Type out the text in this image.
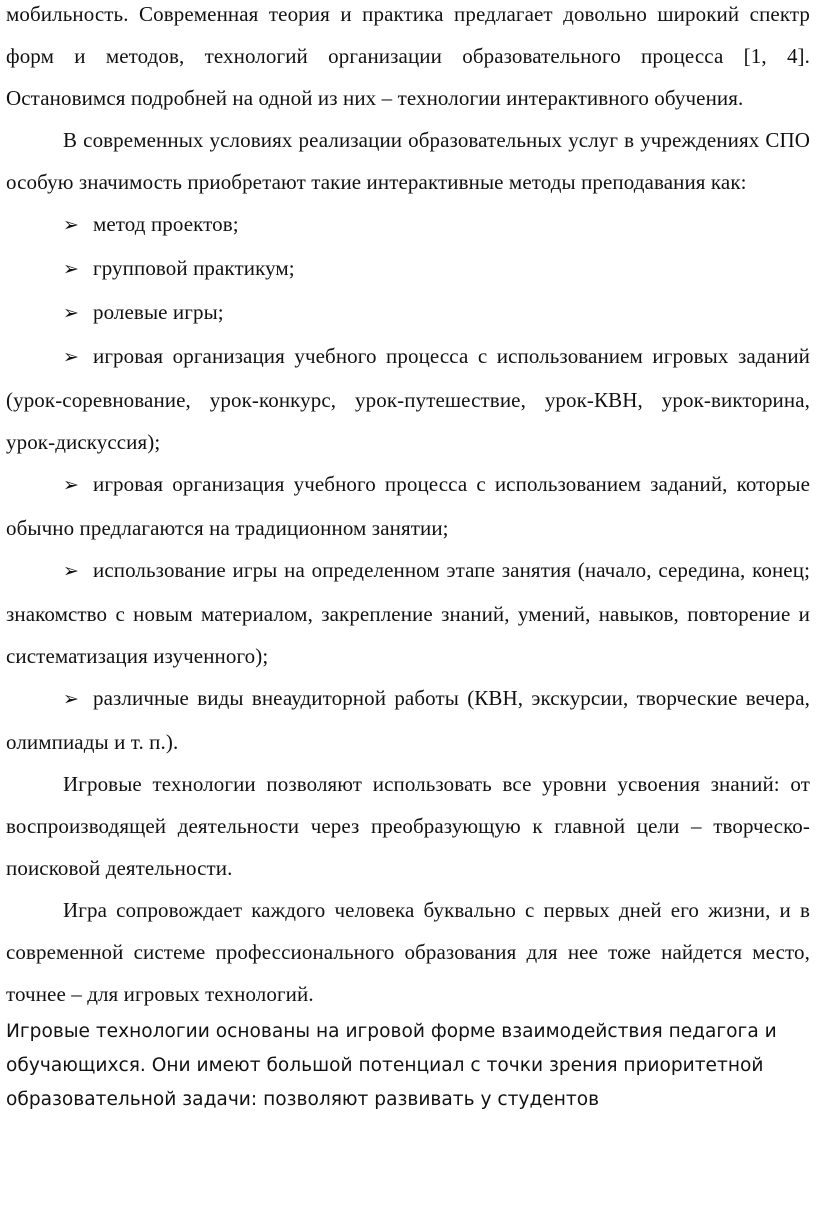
мобильность. Современная теория и практика предлагает довольно широкий спектр форм и методов, технологий организации образовательного процесса [1, 4]. Остановимся подробней на одной из них – технологии интерактивного обучения.

В современных условиях реализации образовательных услуг в учреждениях СПО особую значимость приобретают такие интерактивные методы преподавания как:

➢ метод проектов;

➢ групповой практикум;

➢ ролевые игры;

➢ игровая организация учебного процесса с использованием игровых заданий (урок-соревнование, урок-конкурс, урок-путешествие, урок-КВН, урок-викторина, урок-дискуссия);

➢ игровая организация учебного процесса с использованием заданий, которые обычно предлагаются на традиционном занятии;

➢ использование игры на определенном этапе занятия (начало, середина, конец; знакомство с новым материалом, закрепление знаний, умений, навыков, повторение и систематизация изученного);

➢ различные виды внеаудиторной работы (КВН, экскурсии, творческие вечера, олимпиады и т. п.).

Игровые технологии позволяют использовать все уровни усвоения знаний: от воспроизводящей деятельности через преобразующую к главной цели – творческо-поисковой деятельности.

Игра сопровождает каждого человека буквально с первых дней его жизни, и в современной системе профессионального образования для нее тоже найдется место, точнее – для игровых технологий.

Игровые технологии основаны на игровой форме взаимодействия педагога и обучающихся. Они имеют большой потенциал с точки зрения приоритетной образовательной задачи: позволяют развивать у студентов
